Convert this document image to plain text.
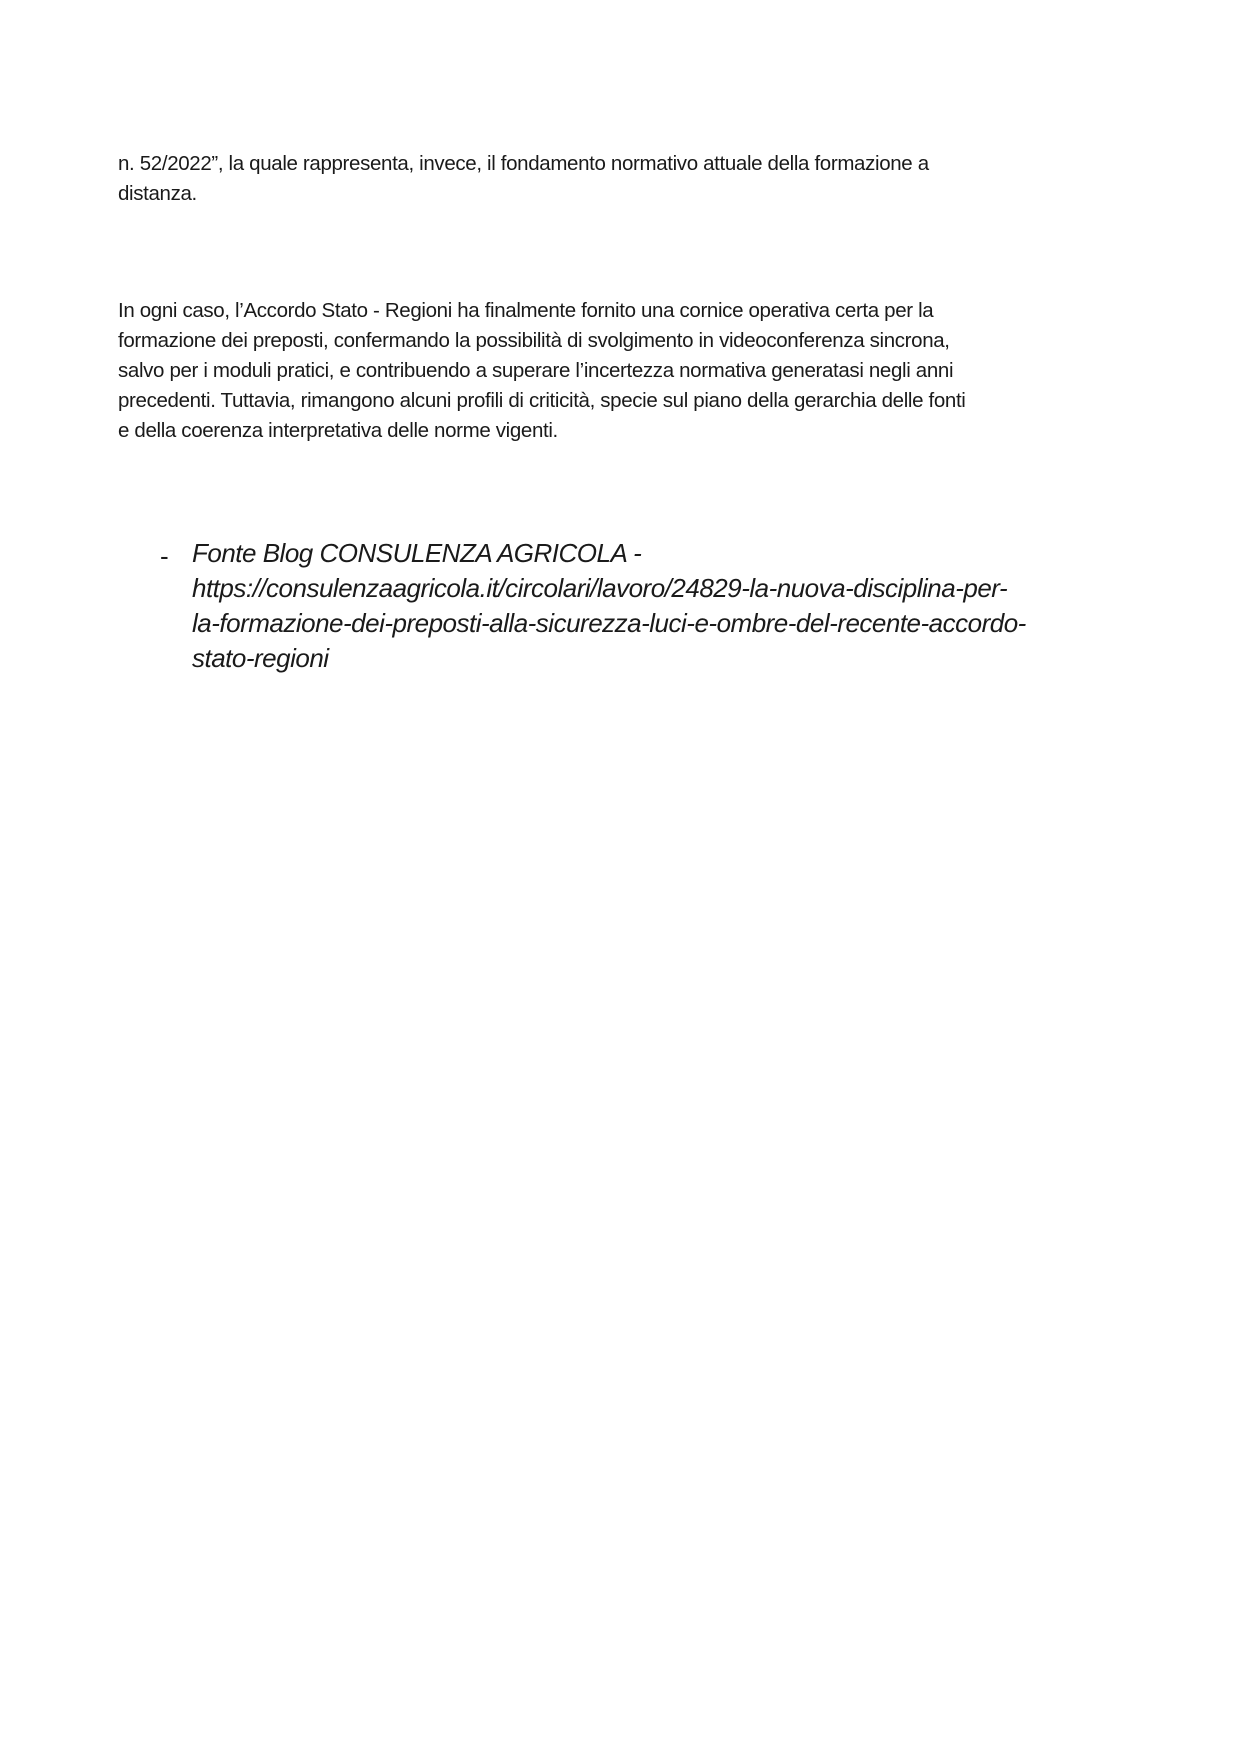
n. 52/2022”, la quale rappresenta, invece, il fondamento normativo attuale della formazione a
distanza.
In ogni caso, l’Accordo Stato - Regioni ha finalmente fornito una cornice operativa certa per la
formazione dei preposti, confermando la possibilità di svolgimento in videoconferenza sincrona,
salvo per i moduli pratici, e contribuendo a superare l’incertezza normativa generatasi negli anni
precedenti. Tuttavia, rimangono alcuni profili di criticità, specie sul piano della gerarchia delle fonti
e della coerenza interpretativa delle norme vigenti.
- Fonte Blog CONSULENZA AGRICOLA -
https://consulenzaagricola.it/circolari/lavoro/24829-la-nuova-disciplina-per-
la-formazione-dei-preposti-alla-sicurezza-luci-e-ombre-del-recente-accordo-
stato-regioni
